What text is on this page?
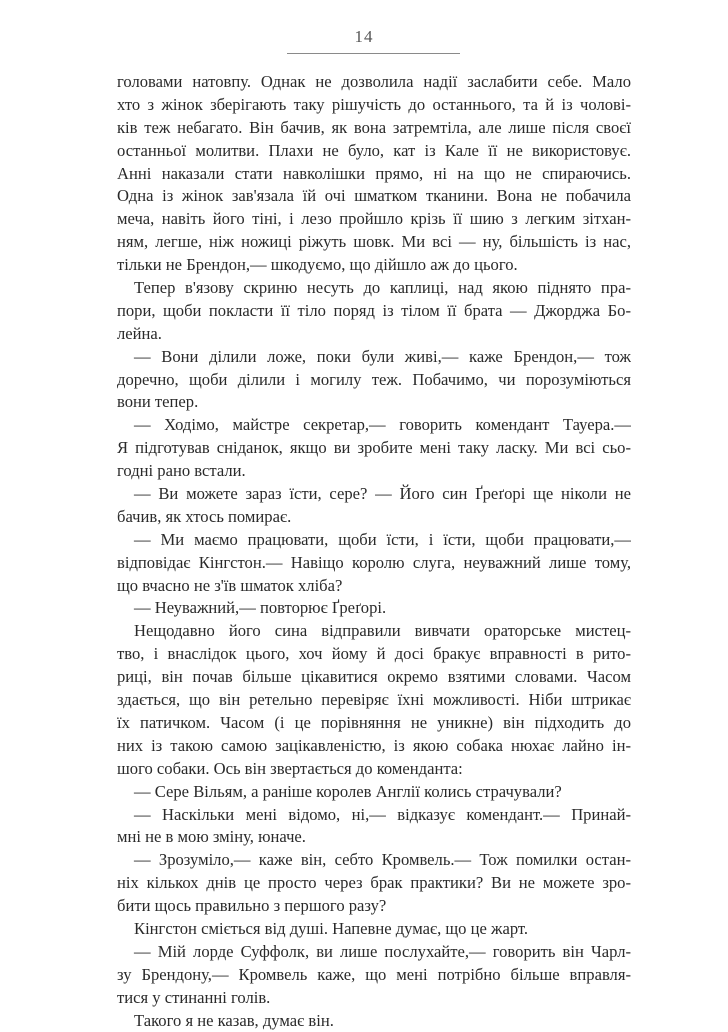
14
головами натовпу. Однак не дозволила надії заслабити себе. Мало
хто з жінок зберігають таку рішучість до останнього, та й із чолові-
ків теж небагато. Він бачив, як вона затремтіла, але лише після своєї
останньої молитви. Плахи не було, кат із Кале її не використовує.
Анні наказали стати навколішки прямо, ні на що не спираючись.
Одна із жінок зав'язала їй очі шматком тканини. Вона не побачила
меча, навіть його тіні, і лезо пройшло крізь її шию з легким зітхан-
ням, легше, ніж ножиці ріжуть шовк. Ми всі — ну, більшість із нас,
тільки не Брендон,— шкодуємо, що дійшло аж до цього.
Тепер в'язову скриню несуть до каплиці, над якою піднято пра-
пори, щоби покласти її тіло поряд із тілом її брата — Джорджа Бо-
лейна.
— Вони ділили ложе, поки були живі,— каже Брендон,— тож
доречно, щоби ділили і могилу теж. Побачимо, чи порозуміються
вони тепер.
— Ходімо, майстре секретар,— говорить комендант Тауера.—
Я підготував сніданок, якщо ви зробите мені таку ласку. Ми всі сьо-
годні рано встали.
— Ви можете зараз їсти, сере? — Його син Ґреґорі ще ніколи не
бачив, як хтось помирає.
— Ми маємо працювати, щоби їсти, і їсти, щоби працювати,—
відповідає Кінгстон.— Навіщо королю слуга, неуважний лише тому,
що вчасно не з'їв шматок хліба?
— Неуважний,— повторює Ґреґорі.
Нещодавно його сина відправили вивчати ораторське мистец-
тво, і внаслідок цього, хоч йому й досі бракує вправності в рито-
риці, він почав більше цікавитися окремо взятими словами. Часом
здається, що він ретельно перевіряє їхні можливості. Ніби штрикає
їх патичком. Часом (і це порівняння не уникне) він підходить до
них із такою самою зацікавленістю, із якою собака нюхає лайно ін-
шого собаки. Ось він звертається до коменданта:
— Сере Вільям, а раніше королев Англії колись страчували?
— Наскільки мені відомо, ні,— відказує комендант.— Принай-
мні не в мою зміну, юначе.
— Зрозуміло,— каже він, себто Кромвель.— Тож помилки остан-
ніх кількох днів це просто через брак практики? Ви не можете зро-
бити щось правильно з першого разу?
Кінгстон сміється від душі. Напевне думає, що це жарт.
— Мій лорде Суффолк, ви лише послухайте,— говорить він Чарл-
зу Брендону,— Кромвель каже, що мені потрібно більше вправля-
тися у стинанні голів.
Такого я не казав, думає він.
